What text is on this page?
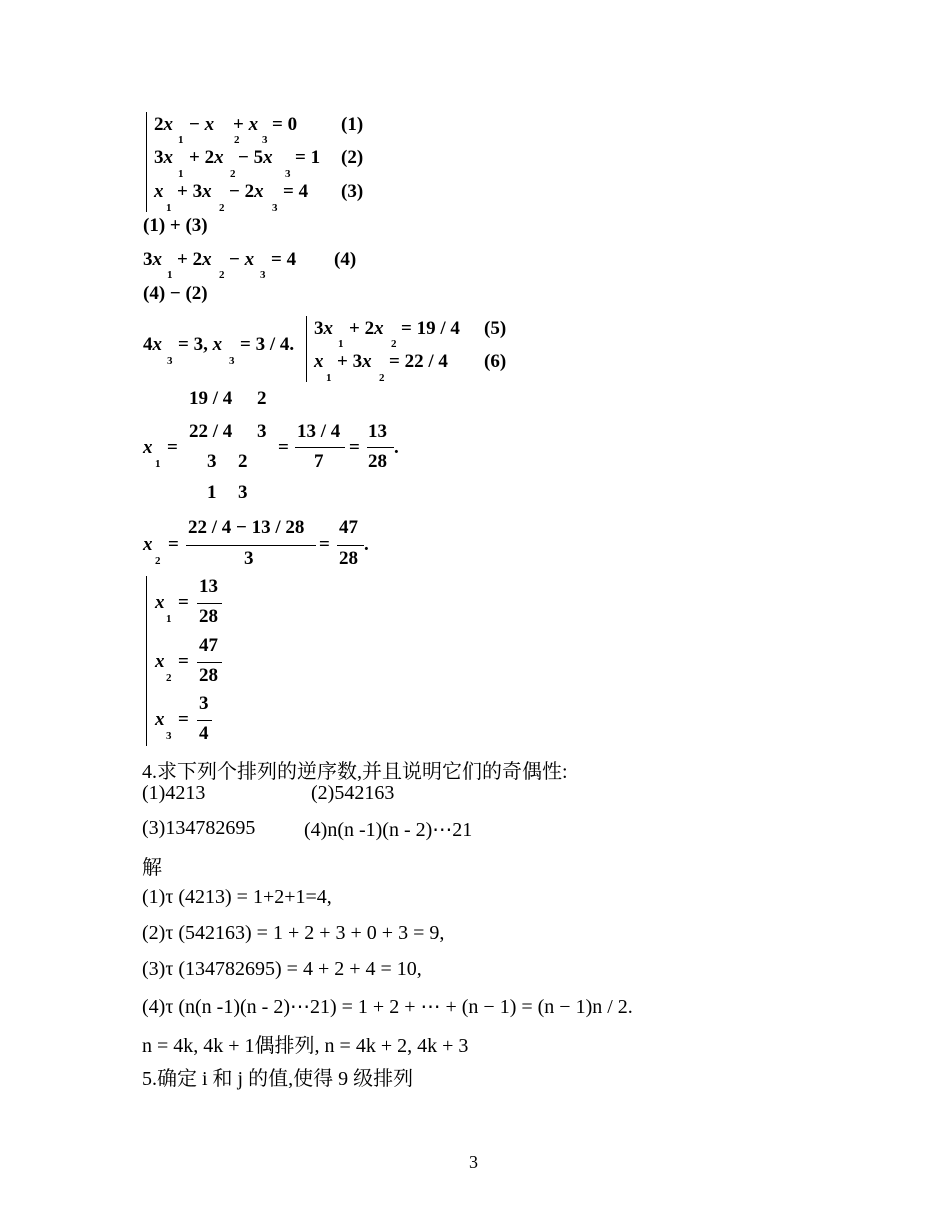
2x
1
− x
2
+ x
3
= 0 (1)
3x
1
+ 2x
2
− 5x
3
= 1 (2)
x
1
+ 3x
2
− 2x
3
= 4 (3)
(1) + (3)
3x
1
+ 2x
2
− x
3
= 4 (4)
(4) − (2)
4x
3
= 3, x
3
= 3 / 4.
3x
1
+ 2x
2
= 19 / 4 (5)
x
1
+ 3x
2
= 22 / 4 (6)
19 / 4 2
22 / 4 3
x
1
=
3 2
1 3
=
13 / 4
7
=
13
28
.
x
2
=
22 / 4 − 13 / 28
3
=
47
28
.
x
1
=
13
28
x
2
=
47
28
x
3
=
3
4
4.求下列个排列的逆序数,并且说明它们的奇偶性:
(1)4213	(2)542163
(3)134782695 (4)n(n -1)(n - 2)⋯21
解
(1)τ (4213) = 1+2+1=4,
(2)τ (542163) = 1 + 2 + 3 + 0 + 3 = 9,
(3)τ (134782695) = 4 + 2 + 4 = 10,
(4)τ (n(n -1)(n - 2)⋯21) = 1 + 2 + ⋯ + (n − 1) = (n − 1)n / 2.
n = 4k, 4k + 1偶排列, n = 4k + 2, 4k + 3
5.确定 i 和 j 的值,使得 9 级排列
3
